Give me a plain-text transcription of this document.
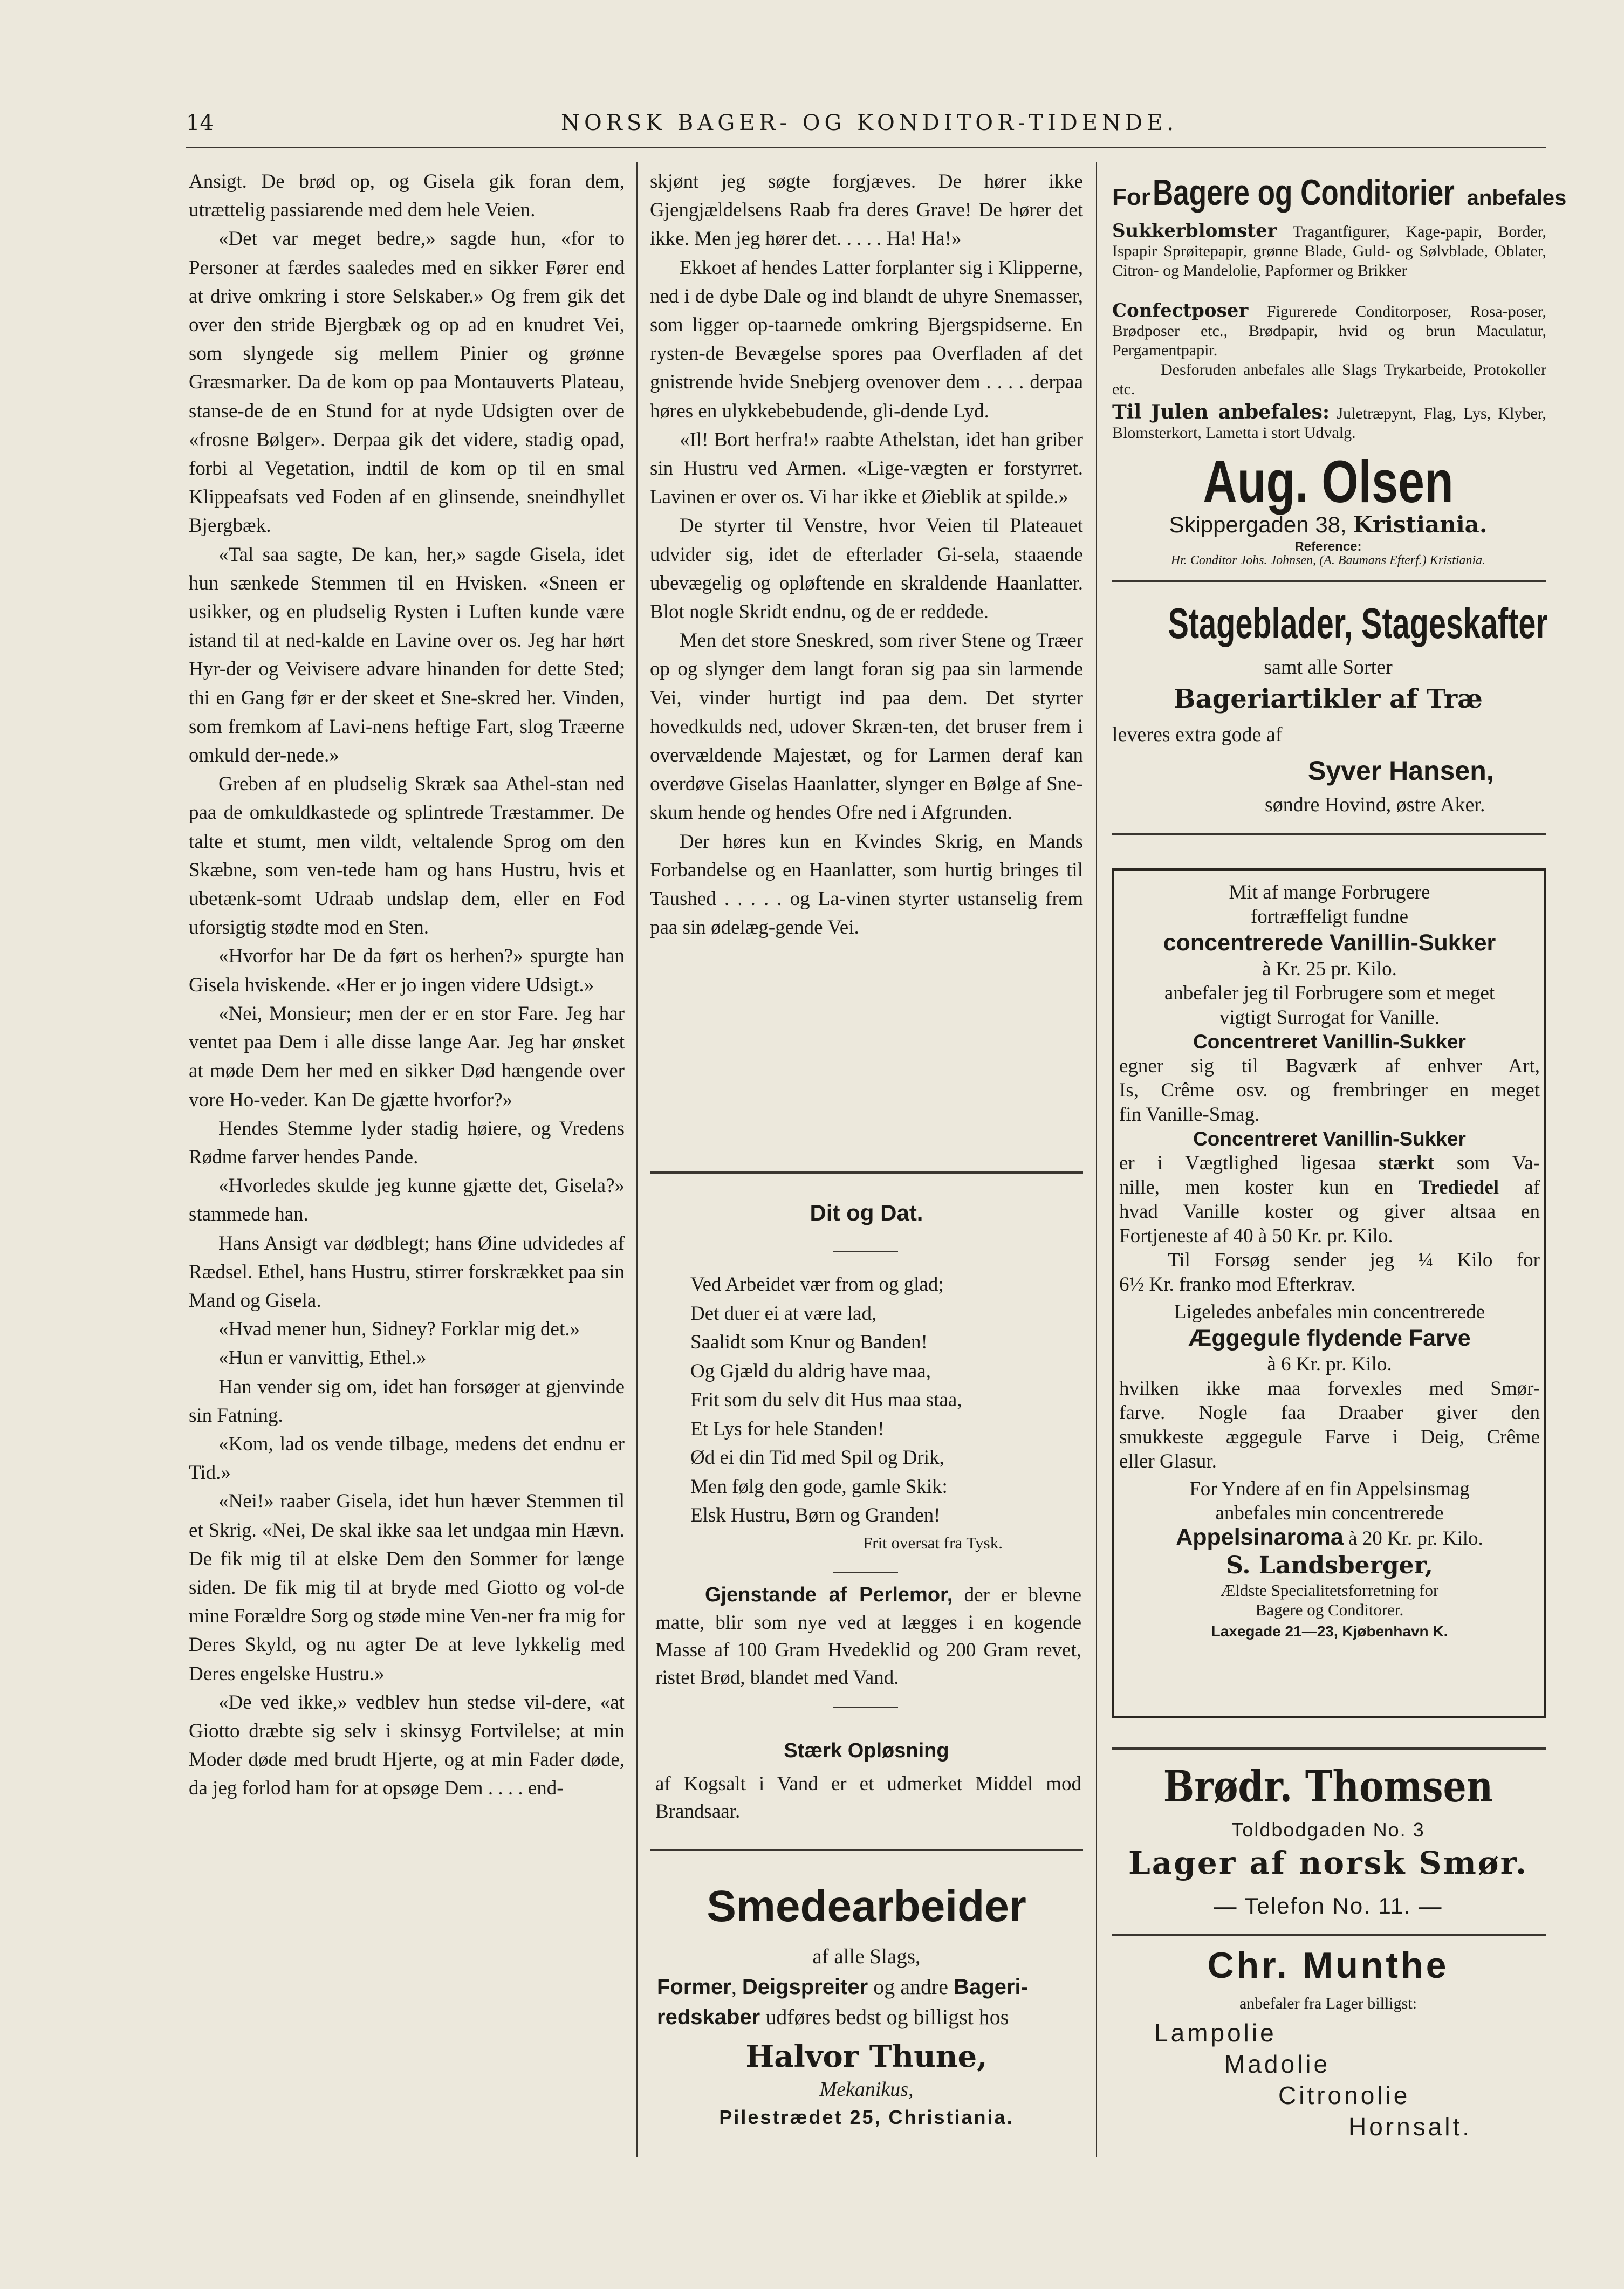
14	NORSK BAGER- OG KONDITOR-TIDENDE.

Ansigt. De brød op, og Gisela gik foran dem, utrættelig passiarende med dem hele Veien.

«Det var meget bedre,» sagde hun, «for to Personer at færdes saaledes med en sikker Fører end at drive omkring i store Selskaber.» Og frem gik det over den stride Bjergbæk og op ad en knudret Vei, som slyngede sig mellem Pinier og grønne Græsmarker. Da de kom op paa Montauverts Plateau, stanse-de de en Stund for at nyde Udsigten over de «frosne Bølger». Derpaa gik det videre, stadig opad, forbi al Vegetation, indtil de kom op til en smal Klippeafsats ved Foden af en glinsende, sneindhyllet Bjergbæk.

«Tal saa sagte, De kan, her,» sagde Gisela, idet hun sænkede Stemmen til en Hvisken. «Sneen er usikker, og en pludselig Rysten i Luften kunde være istand til at ned-kalde en Lavine over os. Jeg har hørt Hyr-der og Veivisere advare hinanden for dette Sted; thi en Gang før er der skeet et Sne-skred her. Vinden, som fremkom af Lavi-nens heftige Fart, slog Træerne omkuld der-nede.»

Greben af en pludselig Skræk saa Athel-stan ned paa de omkuldkastede og splintrede Træstammer. De talte et stumt, men vildt, veltalende Sprog om den Skæbne, som ven-tede ham og hans Hustru, hvis et ubetænk-somt Udraab undslap dem, eller en Fod uforsigtig stødte mod en Sten.

«Hvorfor har De da ført os herhen?» spurgte han Gisela hviskende. «Her er jo ingen videre Udsigt.»

«Nei, Monsieur; men der er en stor Fare. Jeg har ventet paa Dem i alle disse lange Aar. Jeg har ønsket at møde Dem her med en sikker Død hængende over vore Ho-veder. Kan De gjætte hvorfor?»

Hendes Stemme lyder stadig høiere, og Vredens Rødme farver hendes Pande.

«Hvorledes skulde jeg kunne gjætte det, Gisela?» stammede han.

Hans Ansigt var dødblegt; hans Øine udvidedes af Rædsel. Ethel, hans Hustru, stirrer forskrækket paa sin Mand og Gisela.

«Hvad mener hun, Sidney? Forklar mig det.»

«Hun er vanvittig, Ethel.»

Han vender sig om, idet han forsøger at gjenvinde sin Fatning.

«Kom, lad os vende tilbage, medens det endnu er Tid.»

«Nei!» raaber Gisela, idet hun hæver Stemmen til et Skrig. «Nei, De skal ikke saa let undgaa min Hævn. De fik mig til at elske Dem den Sommer for længe siden. De fik mig til at bryde med Giotto og vol-de mine Forældre Sorg og støde mine Ven-ner fra mig for Deres Skyld, og nu agter De at leve lykkelig med Deres engelske Hustru.»

«De ved ikke,» vedblev hun stedse vil-dere, «at Giotto dræbte sig selv i skinsyg Fortvilelse; at min Moder døde med brudt Hjerte, og at min Fader døde, da jeg forlod ham for at opsøge Dem . . . . end-

skjønt jeg søgte forgjæves. De hører ikke Gjengjældelsens Raab fra deres Grave! De hører det ikke. Men jeg hører det. . . . . Ha! Ha!»

Ekkoet af hendes Latter forplanter sig i Klipperne, ned i de dybe Dale og ind blandt de uhyre Snemasser, som ligger op-taarnede omkring Bjergspidserne. En rysten-de Bevægelse spores paa Overfladen af det gnistrende hvide Snebjerg ovenover dem . . . . derpaa høres en ulykkebebudende, gli-dende Lyd.

«Il! Bort herfra!» raabte Athelstan, idet han griber sin Hustru ved Armen. «Lige-vægten er forstyrret. Lavinen er over os. Vi har ikke et Øieblik at spilde.»

De styrter til Venstre, hvor Veien til Plateauet udvider sig, idet de efterlader Gi-sela, staaende ubevægelig og opløftende en skraldende Haanlatter. Blot nogle Skridt endnu, og de er reddede.

Men det store Sneskred, som river Stene og Træer op og slynger dem langt foran sig paa sin larmende Vei, vinder hurtigt ind paa dem. Det styrter hovedkulds ned, udover Skræn-ten, det bruser frem i overvældende Majestæt, og for Larmen deraf kan overdøve Giselas Haanlatter, slynger en Bølge af Sne-skum hende og hendes Ofre ned i Afgrunden.

Der høres kun en Kvindes Skrig, en Mands Forbandelse og en Haanlatter, som hurtig bringes til Taushed . . . . . og La-vinen styrter ustanselig frem paa sin ødelæg-gende Vei.

Dit og Dat.

Ved Arbeidet vær from og glad;

Det duer ei at være lad,

Saalidt som Knur og Banden!

Og Gjæld du aldrig have maa,

Frit som du selv dit Hus maa staa,

Et Lys for hele Standen!

Ød ei din Tid med Spil og Drik,

Men følg den gode, gamle Skik:

Elsk Hustru, Børn og Granden!

Frit oversat fra Tysk.
Gjenstande af Perlemor, der er blevne matte, blir som nye ved at lægges i en kogende Masse af 100 Gram Hvedeklid og 200 Gram revet, ristet Brød, blandet med Vand.
Stærk Opløsning
af Kogsalt i Vand er et udmerket Middel mod Brandsaar.
Smedearbeider
af alle Slags,
Former, Deigspreiter og andre Bageri-
redskaber udføres bedst og billigst hos
Halvor Thune,
Mekanikus,
Pilestrædet 25, Christiania.
For Bagere og Conditorier anbefales
Sukkerblomster Tragantfigurer, Kage-papir, Border, Ispapir Sprøitepapir, grønne Blade, Guld- og Sølvblade, Oblater, Citron- og Mandelolie, Papformer og Brikker
Confectposer Figurerede Conditorposer, Rosa-poser, Brødposer etc., Brødpapir, hvid og brun Maculatur, Pergamentpapir.
Desforuden anbefales alle Slags Trykarbeide, Protokoller etc.
Til Julen anbefales: Juletræpynt, Flag, Lys, Klyber, Blomsterkort, Lametta i stort Udvalg.
Aug. Olsen
Skippergaden 38, Kristiania.
Reference:
Hr. Conditor Johs. Johnsen, (A. Baumans Efterf.) Kristiania.
Stageblader, Stageskafter
samt alle Sorter
Bageriartikler af Træ
leveres extra gode af
Syver Hansen,
søndre Hovind, østre Aker.

Mit af mange Forbrugere

fortræffeligt fundne

concentrerede Vanillin-Sukker

à Kr. 25 pr. Kilo.

anbefaler jeg til Forbrugere som et meget

vigtigt Surrogat for Vanille.

Concentreret Vanillin-Sukker

egner sig til Bagværk af enhver Art,

Is, Crême osv. og frembringer en meget

fin Vanille-Smag.

Concentreret Vanillin-Sukker

er i Vægtlighed ligesaa stærkt som Va-

nille, men koster kun en Trediedel af

hvad Vanille koster og giver altsaa en

Fortjeneste af 40 à 50 Kr. pr. Kilo.

Til Forsøg sender jeg ¼ Kilo for

6½ Kr. franko mod Efterkrav.

Ligeledes anbefales min concentrerede

Æggegule flydende Farve

à 6 Kr. pr. Kilo.

hvilken ikke maa forvexles med Smør-

farve. Nogle faa Draaber giver den

smukkeste æggegule Farve i Deig, Crême

eller Glasur.

For Yndere af en fin Appelsinsmag

anbefales min concentrerede

Appelsinaroma à 20 Kr. pr. Kilo.

S. Landsberger,

Ældste Specialitetsforretning for

Bagere og Conditorer.

Laxegade 21—23, Kjøbenhavn K.

Brødr. Thomsen
Toldbodgaden No. 3
Lager af norsk Smør.
— Telefon No. 11. —
Chr. Munthe
anbefaler fra Lager billigst:
Lampolie
Madolie
Citronolie
Hornsalt.
